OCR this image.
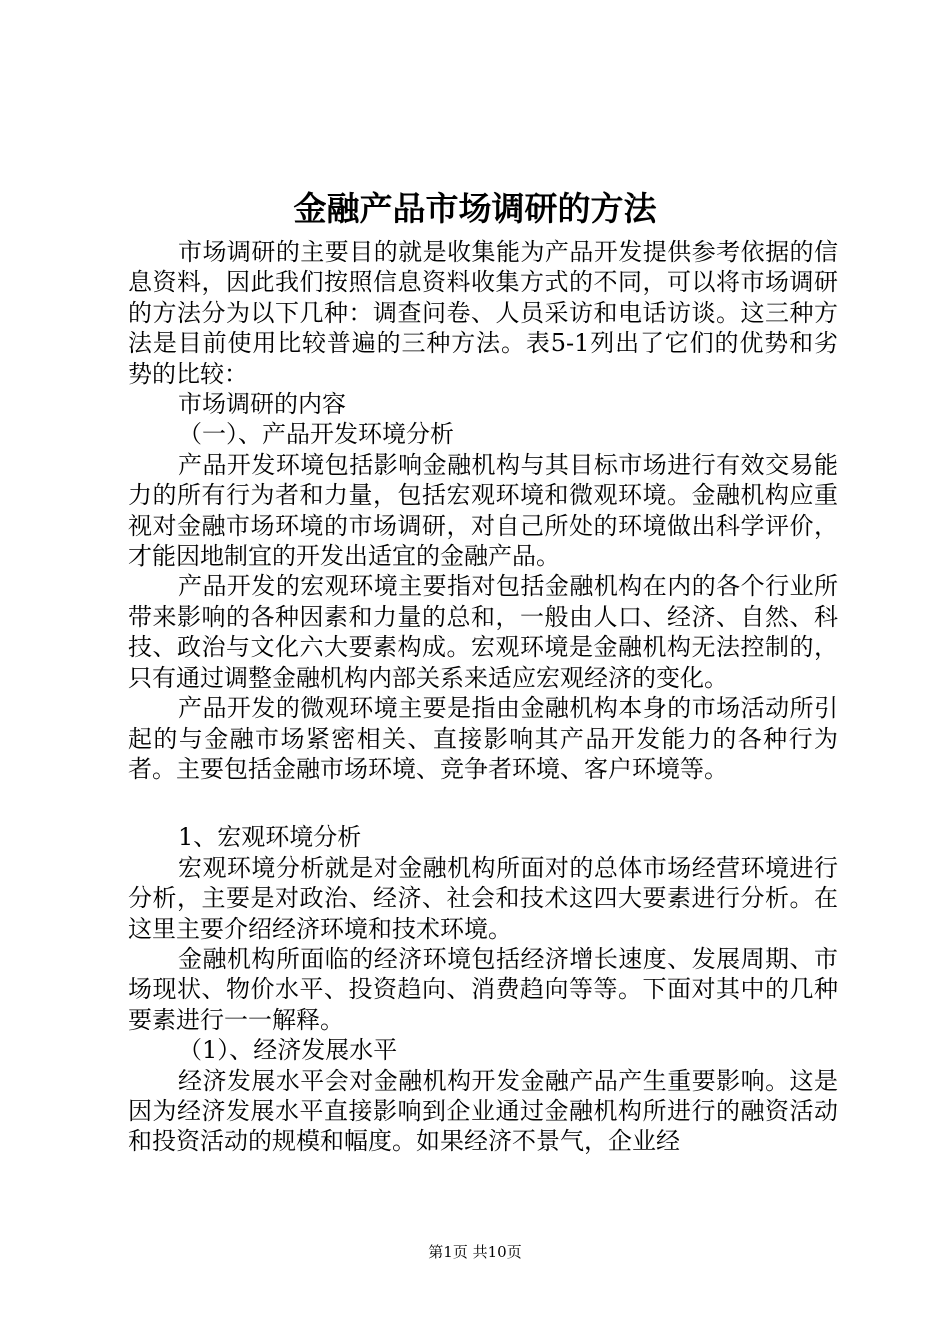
金融产品市场调研的方法

市场调研的主要目的就是收集能为产品开发提供参考依据的信息资料，因此我们按照信息资料收集方式的不同，可以将市场调研的方法分为以下几种：调查问卷、人员采访和电话访谈。这三种方法是目前使用比较普遍的三种方法。表5-1列出了它们的优势和劣势的比较：

市场调研的内容

（一）、产品开发环境分析

产品开发环境包括影响金融机构与其目标市场进行有效交易能力的所有行为者和力量，包括宏观环境和微观环境。金融机构应重视对金融市场环境的市场调研，对自己所处的环境做出科学评价，才能因地制宜的开发出适宜的金融产品。

产品开发的宏观环境主要指对包括金融机构在内的各个行业所带来影响的各种因素和力量的总和，一般由人口、经济、自然、科技、政治与文化六大要素构成。宏观环境是金融机构无法控制的，只有通过调整金融机构内部关系来适应宏观经济的变化。

产品开发的微观环境主要是指由金融机构本身的市场活动所引起的与金融市场紧密相关、直接影响其产品开发能力的各种行为者。主要包括金融市场环境、竞争者环境、客户环境等。

1、宏观环境分析

宏观环境分析就是对金融机构所面对的总体市场经营环境进行分析，主要是对政治、经济、社会和技术这四大要素进行分析。在这里主要介绍经济环境和技术环境。

金融机构所面临的经济环境包括经济增长速度、发展周期、市场现状、物价水平、投资趋向、消费趋向等等。下面对其中的几种要素进行一一解释。

（1）、经济发展水平

经济发展水平会对金融机构开发金融产品产生重要影响。这是因为经济发展水平直接影响到企业通过金融机构所进行的融资活动和投资活动的规模和幅度。如果经济不景气，企业经

第1页 共10页
